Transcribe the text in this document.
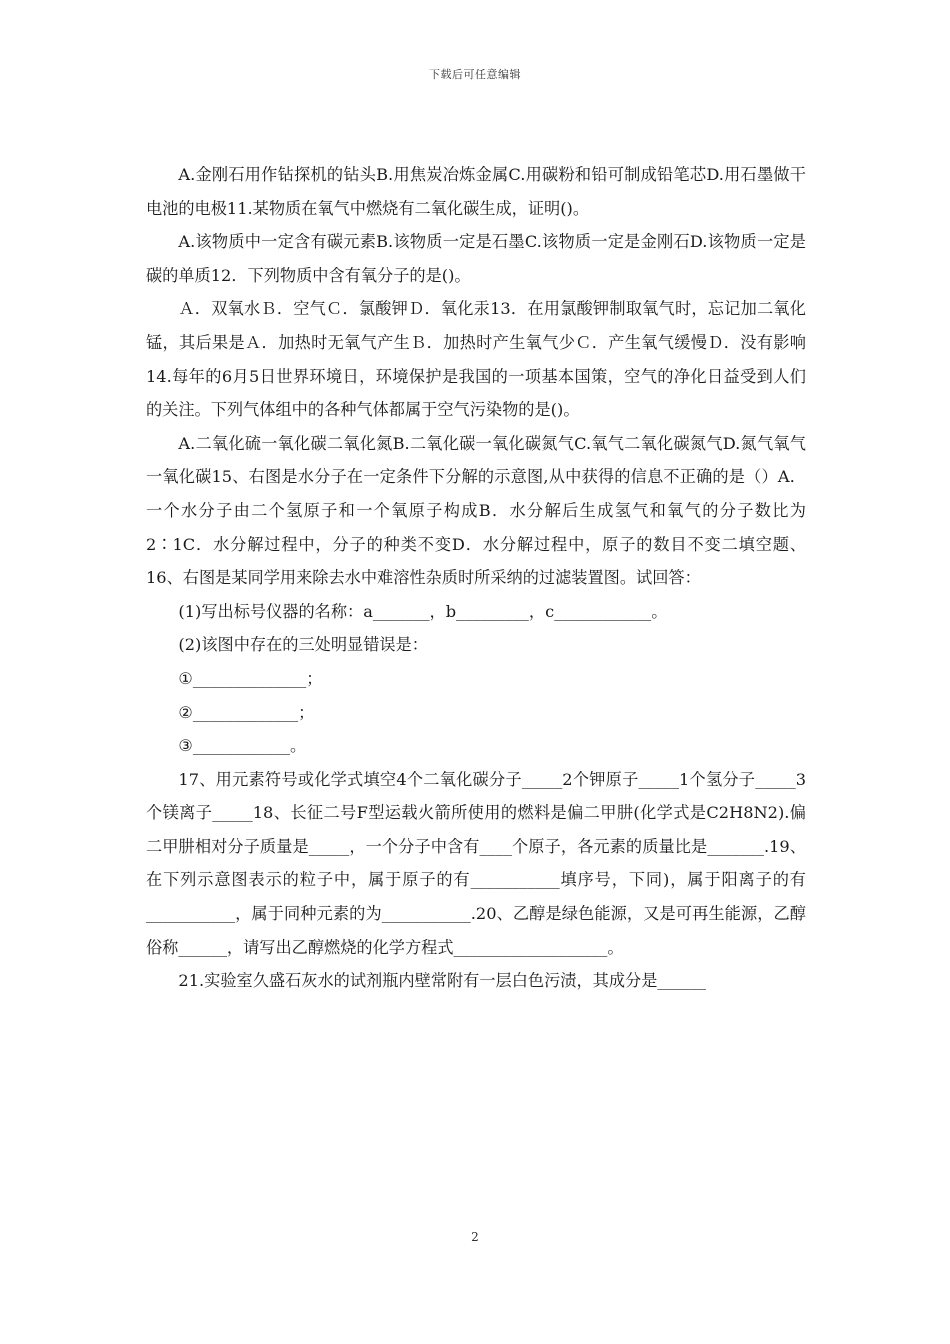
下载后可任意编辑

A.金刚石用作钻探机的钻头B.用焦炭冶炼金属C.用碳粉和铅可制成铅笔芯D.用石墨做干电池的电极11.某物质在氧气中燃烧有二氧化碳生成，证明()。

A.该物质中一定含有碳元素B.该物质一定是石墨C.该物质一定是金刚石D.该物质一定是碳的单质12．下列物质中含有氧分子的是()。

Ａ．双氧水Ｂ．空气Ｃ．氯酸钾Ｄ．氧化汞13．在用氯酸钾制取氧气时，忘记加二氧化锰，其后果是Ａ．加热时无氧气产生Ｂ．加热时产生氧气少Ｃ．产生氧气缓慢Ｄ．没有影响14.每年的6月5日世界环境日，环境保护是我国的一项基本国策，空气的净化日益受到人们的关注。下列气体组中的各种气体都属于空气污染物的是()。

A.二氧化硫一氧化碳二氧化氮B.二氧化碳一氧化碳氮气C.氧气二氧化碳氮气D.氮气氧气一氧化碳15、右图是水分子在一定条件下分解的示意图,从中获得的信息不正确的是（）A．一个水分子由二个氢原子和一个氧原子构成B．水分解后生成氢气和氧气的分子数比为2∶1C．水分解过程中，分子的种类不变D．水分解过程中，原子的数目不变二填空题、16、右图是某同学用来除去水中难溶性杂质时所采纳的过滤装置图。试回答：

(1)写出标号仪器的名称：a_______，b_________，c____________。

(2)该图中存在的三处明显错误是：

①______________；

②_____________；

③____________。

17、用元素符号或化学式填空4个二氧化碳分子_____2个钾原子_____1个氢分子_____3个镁离子_____18、长征二号F型运载火箭所使用的燃料是偏二甲肼(化学式是C2H8N2).偏二甲肼相对分子质量是_____，一个分子中含有____个原子，各元素的质量比是_______.19、在下列示意图表示的粒子中，属于原子的有___________填序号，下同)，属于阳离子的有___________，属于同种元素的为___________.20、乙醇是绿色能源，又是可再生能源，乙醇俗称______，请写出乙醇燃烧的化学方程式___________________。

21.实验室久盛石灰水的试剂瓶内壁常附有一层白色污渍，其成分是______

2
